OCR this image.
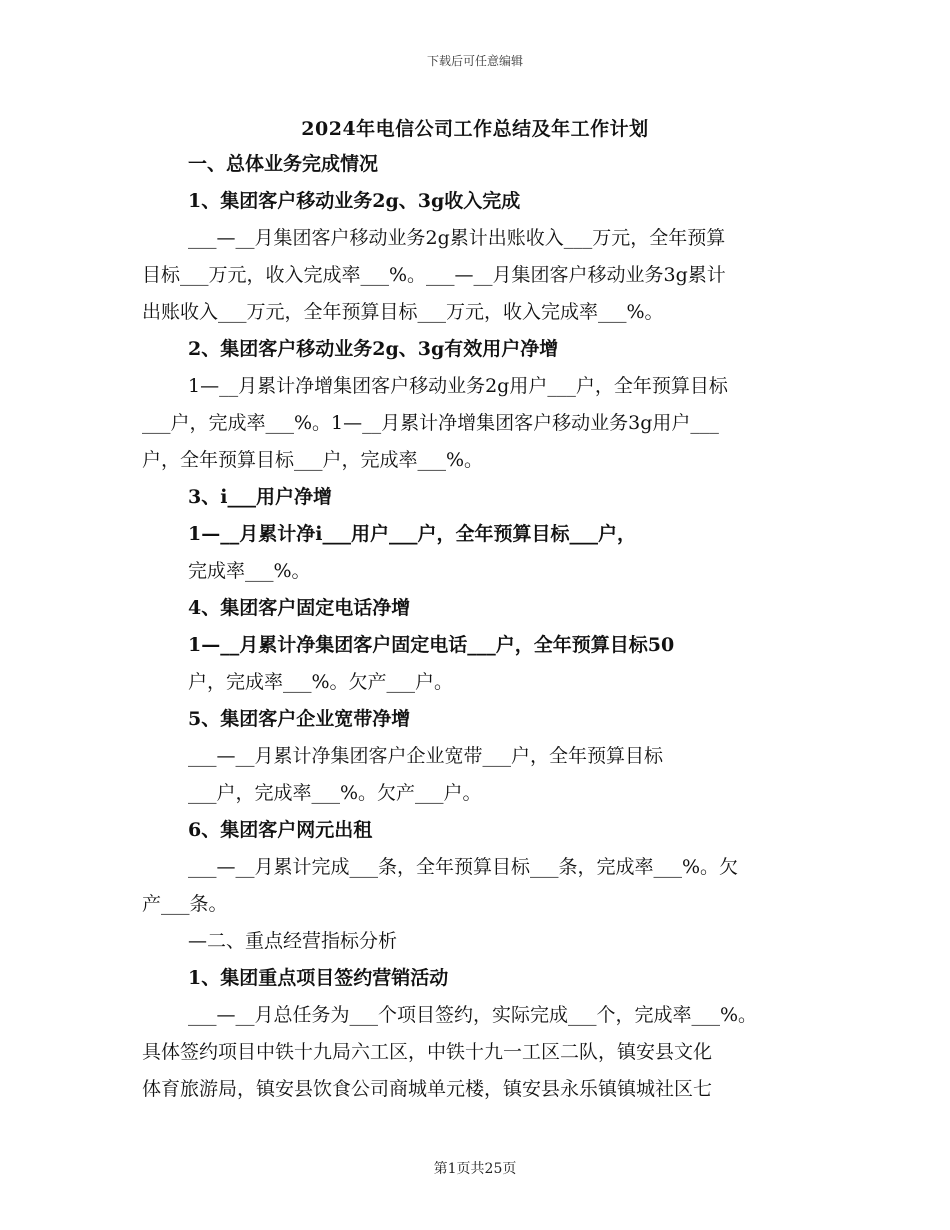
下载后可任意编辑
2024年电信公司工作总结及年工作计划
一、总体业务完成情况
1、集团客户移动业务2g、3g收入完成
___—__月集团客户移动业务2g累计出账收入___万元，全年预算
目标___万元，收入完成率___%。___—__月集团客户移动业务3g累计
出账收入___万元，全年预算目标___万元，收入完成率___%。
2、集团客户移动业务2g、3g有效用户净增
1—__月累计净增集团客户移动业务2g用户___户，全年预算目标
___户，完成率___%。1—__月累计净增集团客户移动业务3g用户___
户，全年预算目标___户，完成率___%。
3、i___用户净增
1—__月累计净i___用户___户，全年预算目标___户，
完成率___%。
4、集团客户固定电话净增
1—__月累计净集团客户固定电话___户，全年预算目标50
户，完成率___%。欠产___户。
5、集团客户企业宽带净增
___—__月累计净集团客户企业宽带___户，全年预算目标
___户，完成率___%。欠产___户。
6、集团客户网元出租
___—__月累计完成___条，全年预算目标___条，完成率___%。欠
产___条。
—二、重点经营指标分析
1、集团重点项目签约营销活动
___—__月总任务为___个项目签约，实际完成___个，完成率___%。
具体签约项目中铁十九局六工区，中铁十九一工区二队，镇安县文化
体育旅游局，镇安县饮食公司商城单元楼，镇安县永乐镇镇城社区七
第1页共25页
